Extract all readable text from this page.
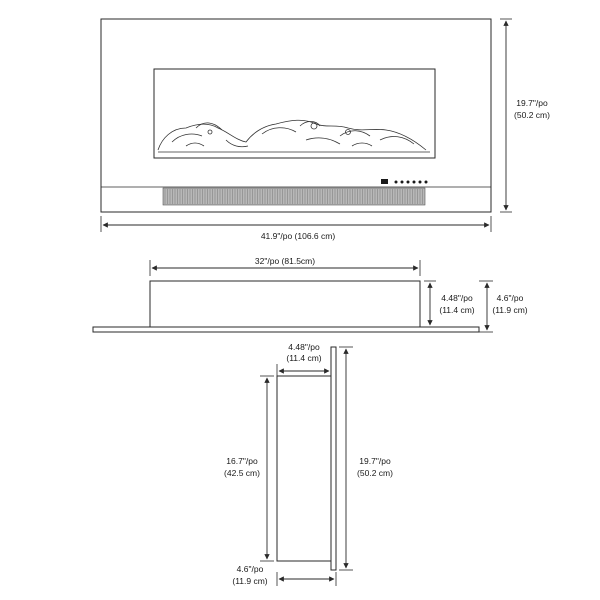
19.7"/po
(50.2 cm)
41.9"/po (106.6 cm)
32"/po (81.5cm)
4.48"/po
(11.4 cm)
4.6"/po
(11.9 cm)
4.48"/po
(11.4 cm)
16.7"/po
(42.5 cm)
19.7"/po
(50.2 cm)
4.6"/po
(11.9 cm)
